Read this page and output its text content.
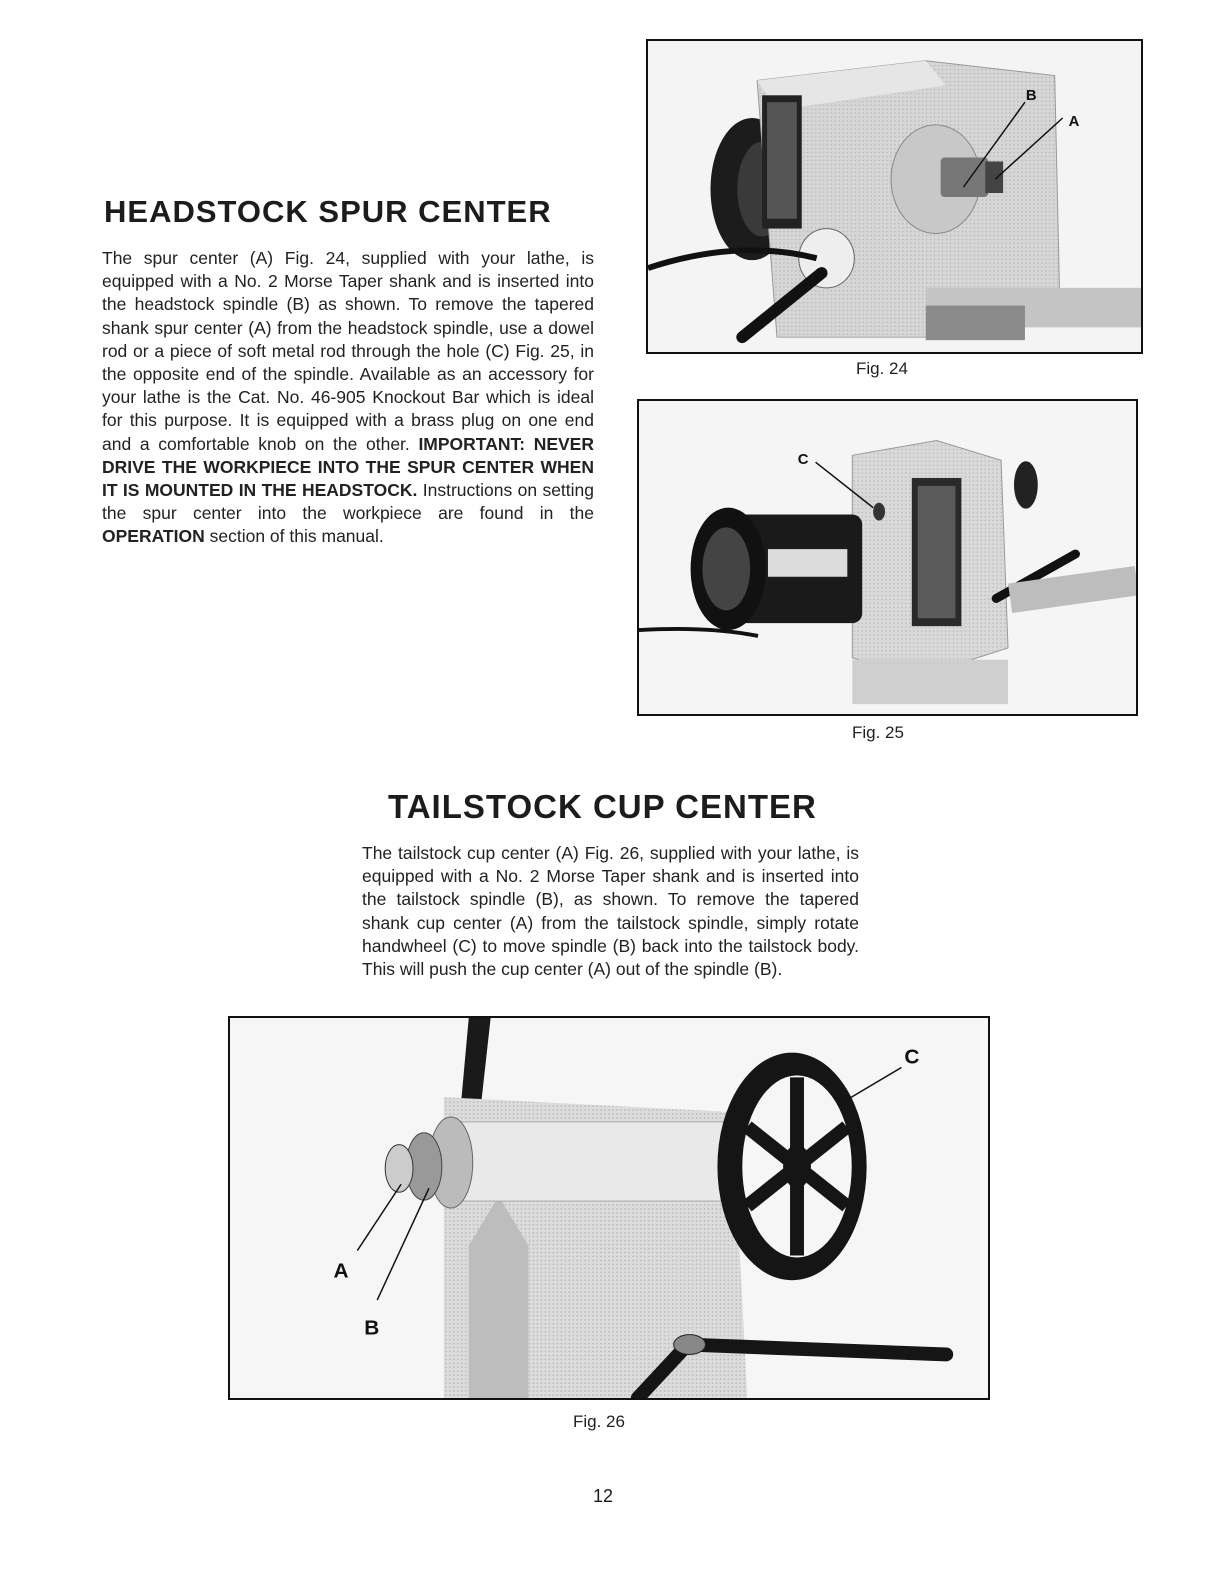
HEADSTOCK SPUR CENTER
The spur center (A) Fig. 24, supplied with your lathe, is equipped with a No. 2 Morse Taper shank and is inserted into the headstock spindle (B) as shown. To remove the tapered shank spur center (A) from the headstock spindle, use a dowel rod or a piece of soft metal rod through the hole (C) Fig. 25, in the opposite end of the spindle. Available as an accessory for your lathe is the Cat. No. 46-905 Knockout Bar which is ideal for this purpose. It is equipped with a brass plug on one end and a comfortable knob on the other. IMPORTANT: NEVER DRIVE THE WORKPIECE INTO THE SPUR CENTER WHEN IT IS MOUNTED IN THE HEADSTOCK. Instructions on setting the spur center into the workpiece are found in the OPERATION section of this manual.
B
A
Fig. 24
C
Fig. 25
TAILSTOCK CUP CENTER
The tailstock cup center (A) Fig. 26, supplied with your lathe, is equipped with a No. 2 Morse Taper shank and is inserted into the tailstock spindle (B), as shown. To remove the tapered shank cup center (A) from the tailstock spindle, simply rotate handwheel (C) to move spindle (B) back into the tailstock body. This will push the cup center (A) out of the spindle (B).
A
B
C
Fig. 26
12
